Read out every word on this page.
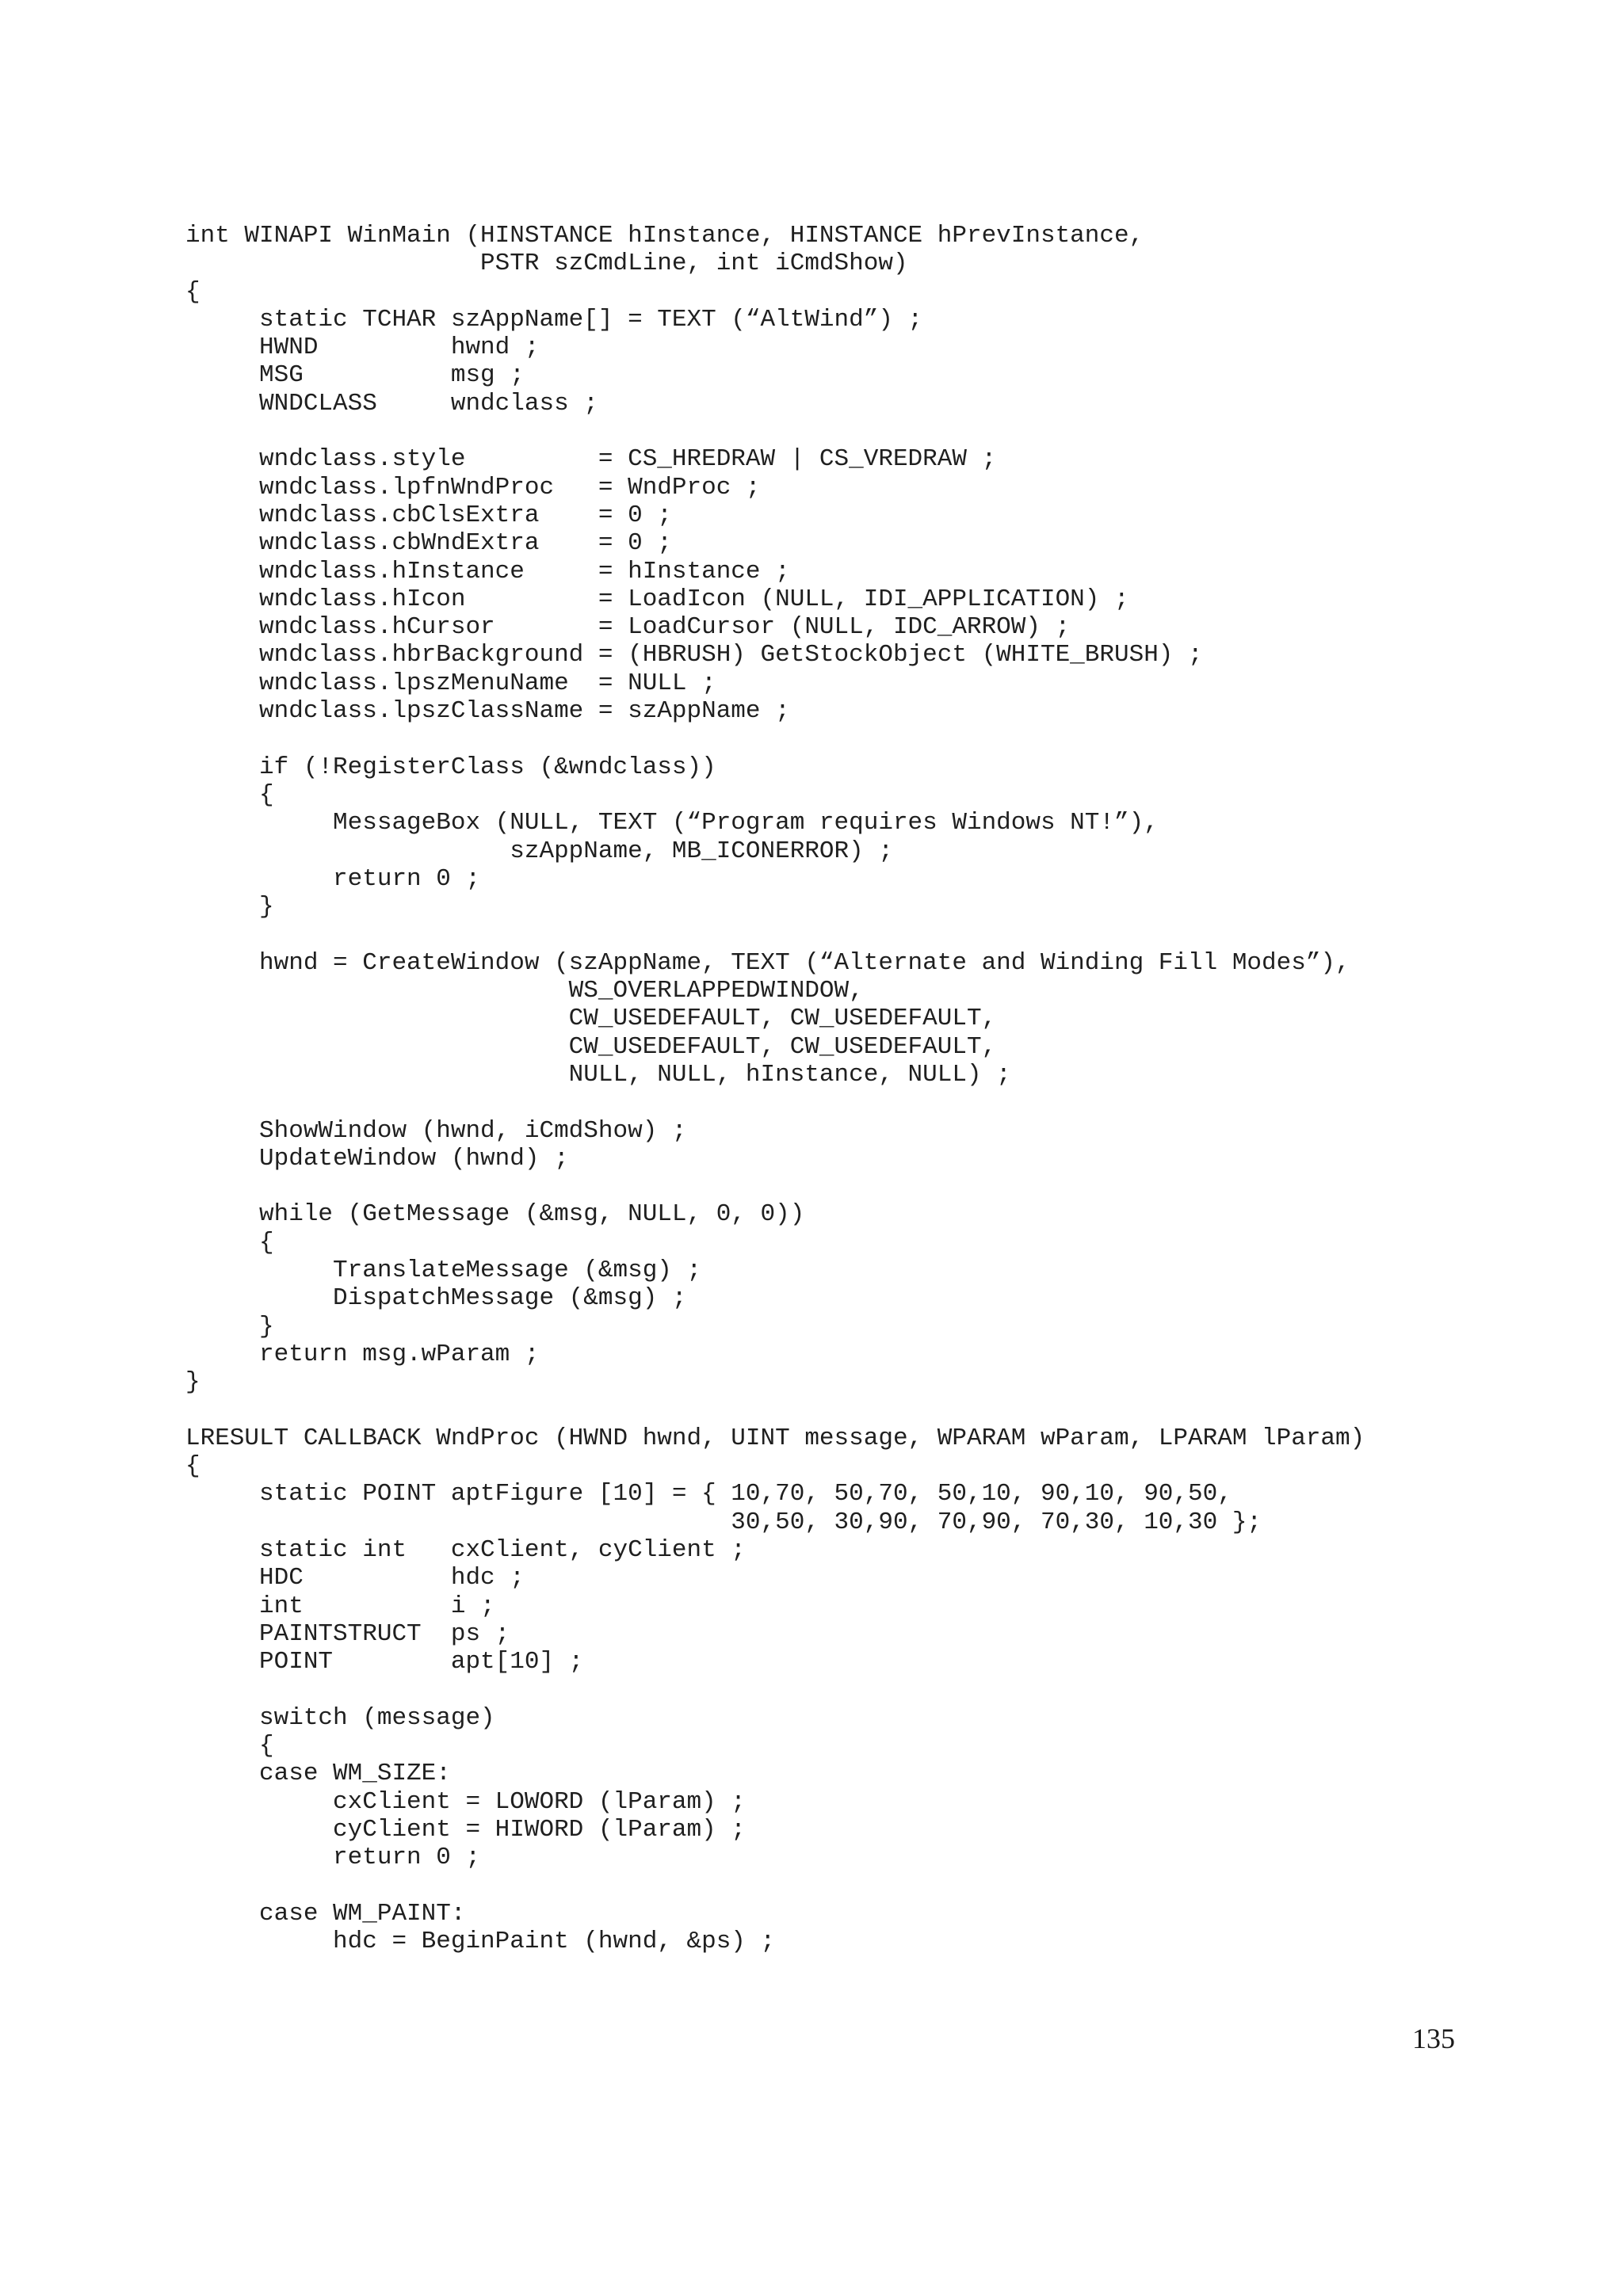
int WINAPI WinMain (HINSTANCE hInstance, HINSTANCE hPrevInstance,
PSTR szCmdLine, int iCmdShow)
{
static TCHAR szAppName[] = TEXT (“AltWind”) ;
HWND         hwnd ;
MSG          msg ;
WNDCLASS     wndclass ;
wndclass.style         = CS_HREDRAW | CS_VREDRAW ;
wndclass.lpfnWndProc   = WndProc ;
wndclass.cbClsExtra    = 0 ;
wndclass.cbWndExtra    = 0 ;
wndclass.hInstance     = hInstance ;
wndclass.hIcon         = LoadIcon (NULL, IDI_APPLICATION) ;
wndclass.hCursor       = LoadCursor (NULL, IDC_ARROW) ;
wndclass.hbrBackground = (HBRUSH) GetStockObject (WHITE_BRUSH) ;
wndclass.lpszMenuName  = NULL ;
wndclass.lpszClassName = szAppName ;
if (!RegisterClass (&wndclass))
{
MessageBox (NULL, TEXT (“Program requires Windows NT!”),
szAppName, MB_ICONERROR) ;
return 0 ;
}
hwnd = CreateWindow (szAppName, TEXT (“Alternate and Winding Fill Modes”),
WS_OVERLAPPEDWINDOW,
CW_USEDEFAULT, CW_USEDEFAULT,
CW_USEDEFAULT, CW_USEDEFAULT,
NULL, NULL, hInstance, NULL) ;
ShowWindow (hwnd, iCmdShow) ;
UpdateWindow (hwnd) ;
while (GetMessage (&msg, NULL, 0, 0))
{
TranslateMessage (&msg) ;
DispatchMessage (&msg) ;
}
return msg.wParam ;
}
LRESULT CALLBACK WndProc (HWND hwnd, UINT message, WPARAM wParam, LPARAM lParam)
{
static POINT aptFigure [10] = { 10,70, 50,70, 50,10, 90,10, 90,50,
30,50, 30,90, 70,90, 70,30, 10,30 };
static int   cxClient, cyClient ;
HDC          hdc ;
int          i ;
PAINTSTRUCT  ps ;
POINT        apt[10] ;
switch (message)
{
case WM_SIZE:
cxClient = LOWORD (lParam) ;
cyClient = HIWORD (lParam) ;
return 0 ;
case WM_PAINT:
hdc = BeginPaint (hwnd, &ps) ;
135
